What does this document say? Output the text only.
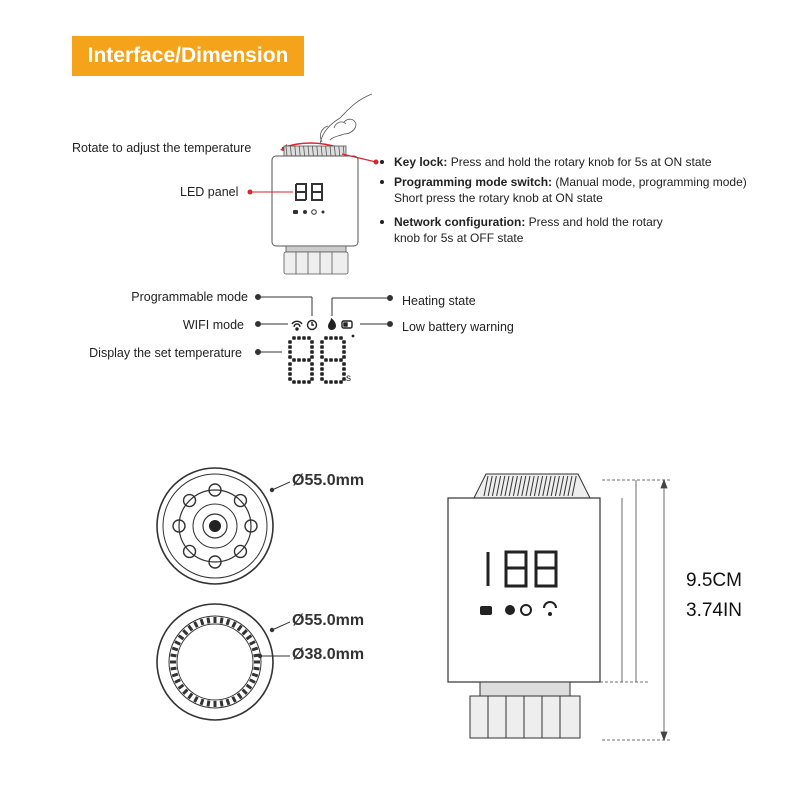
Interface/Dimension
Rotate to adjust the temperature
LED panel
Key lock: Press and hold the rotary knob for 5s at ON state
Programming mode switch: (Manual mode, programming mode)
Short press the rotary knob at ON state
Network configuration: Press and hold the rotary
knob for 5s at OFF state
Programmable mode
WIFI mode
Display the set temperature
Heating state
Low battery warning
s
Ø55.0mm
Ø55.0mm
Ø38.0mm
9.5CM
3.74IN
